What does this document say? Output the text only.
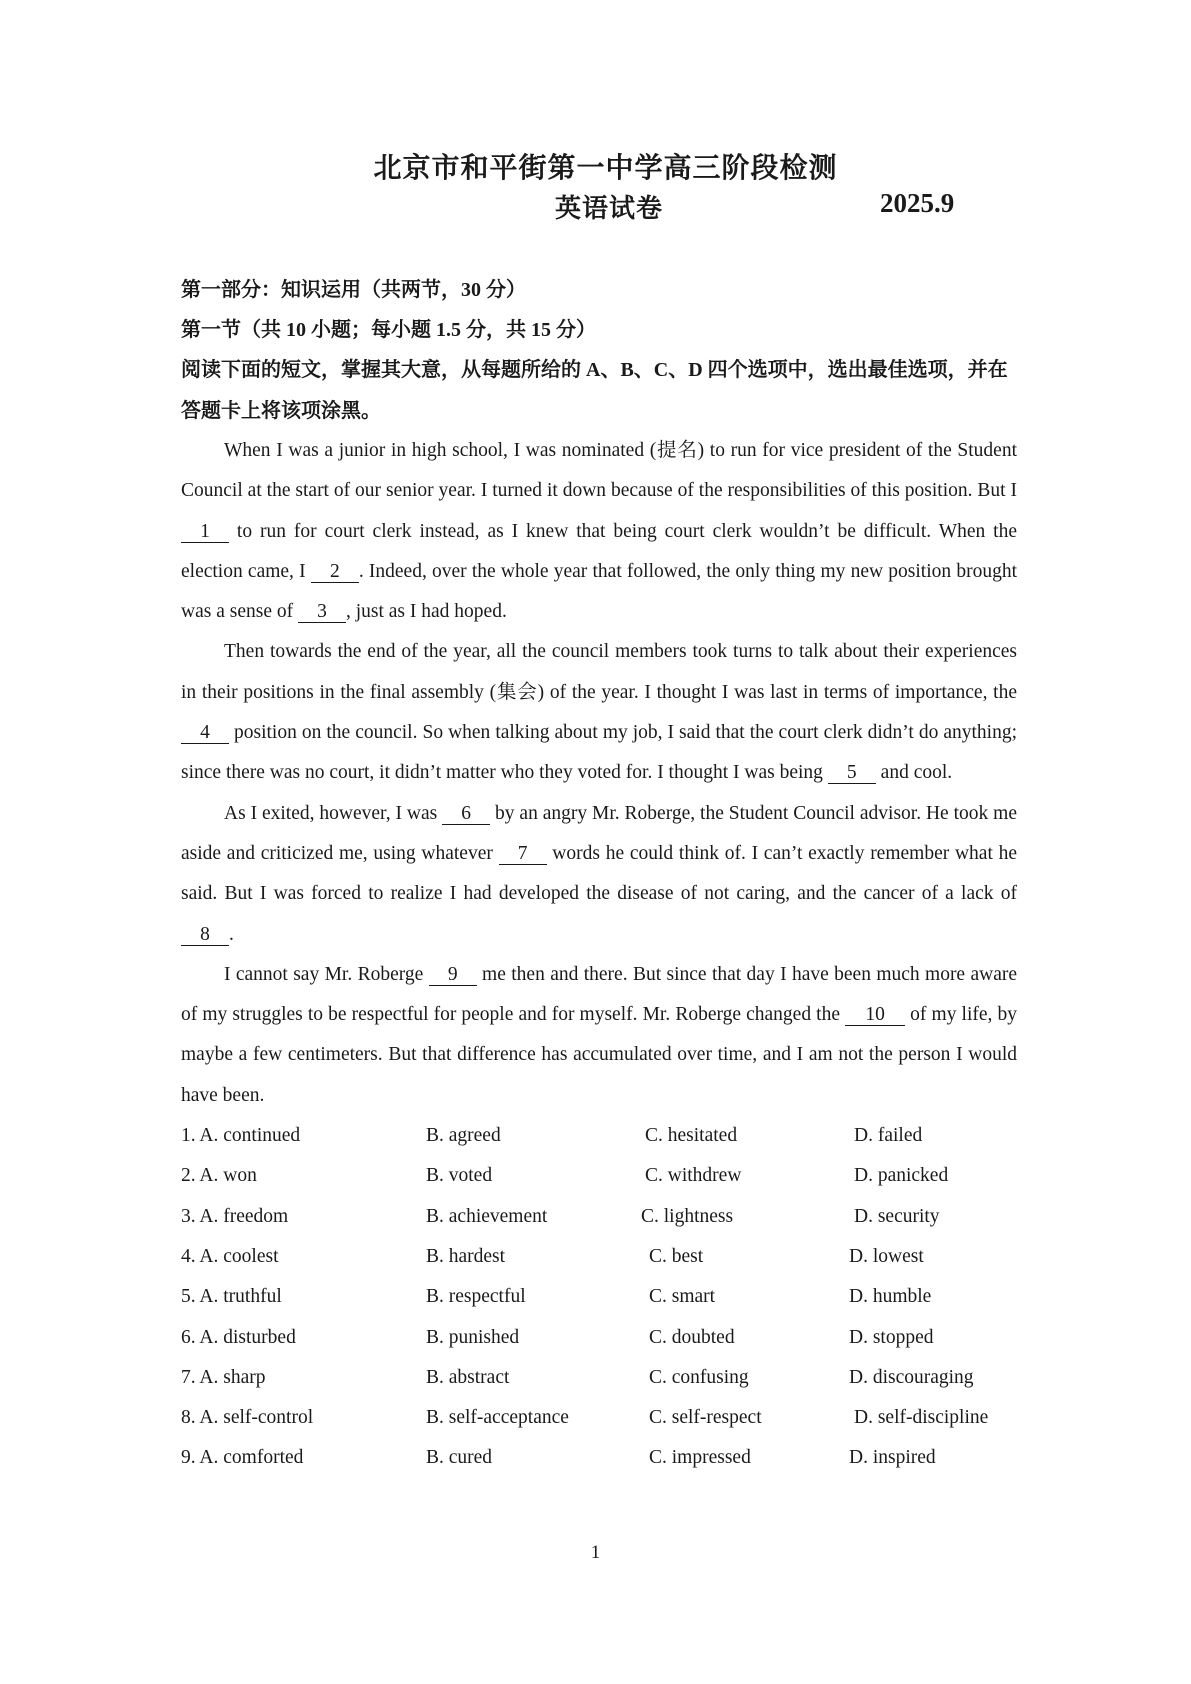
北京市和平街第一中学高三阶段检测
英语试卷	2025.9
第一部分：知识运用（共两节，30 分）
第一节（共 10 小题；每小题 1.5 分，共 15 分）
阅读下面的短文，掌握其大意，从每题所给的 A、B、C、D 四个选项中，选出最佳选项，并在答题卡上将该项涂黑。

When I was a junior in high school, I was nominated (提名) to run for vice president of the Student Council at the start of our senior year. I turned it down because of the responsibilities of this position. But I 1 to run for court clerk instead, as I knew that being court clerk wouldn’t be difficult. When the election came, I 2 . Indeed, over the whole year that followed, the only thing my new position brought was a sense of 3 , just as I had hoped.

Then towards the end of the year, all the council members took turns to talk about their experiences in their positions in the final assembly (集会) of the year. I thought I was last in terms of importance, the 4 position on the council. So when talking about my job, I said that the court clerk didn’t do anything; since there was no court, it didn’t matter who they voted for. I thought I was being 5 and cool.

As I exited, however, I was 6 by an angry Mr. Roberge, the Student Council advisor. He took me aside and criticized me, using whatever 7 words he could think of. I can’t exactly remember what he said. But I was forced to realize I had developed the disease of not caring, and the cancer of a lack of 8 .

I cannot say Mr. Roberge 9 me then and there. But since that day I have been much more aware of my struggles to be respectful for people and for myself. Mr. Roberge changed the 10 of my life, by maybe a few centimeters. But that difference has accumulated over time, and I am not the person I would have been.

1. A. continued	B. agreed	C. hesitated	D. failed
2. A. won	B. voted	C. withdrew	D. panicked
3. A. freedom	B. achievement	C. lightness	D. security
4. A. coolest	B. hardest	C. best	D. lowest
5. A. truthful	B. respectful	C. smart	D. humble
6. A. disturbed	B. punished	C. doubted	D. stopped
7. A. sharp	B. abstract	C. confusing	D. discouraging
8. A. self-control	B. self-acceptance	C. self-respect	D. self-discipline
9. A. comforted	B. cured	C. impressed	D. inspired
1
